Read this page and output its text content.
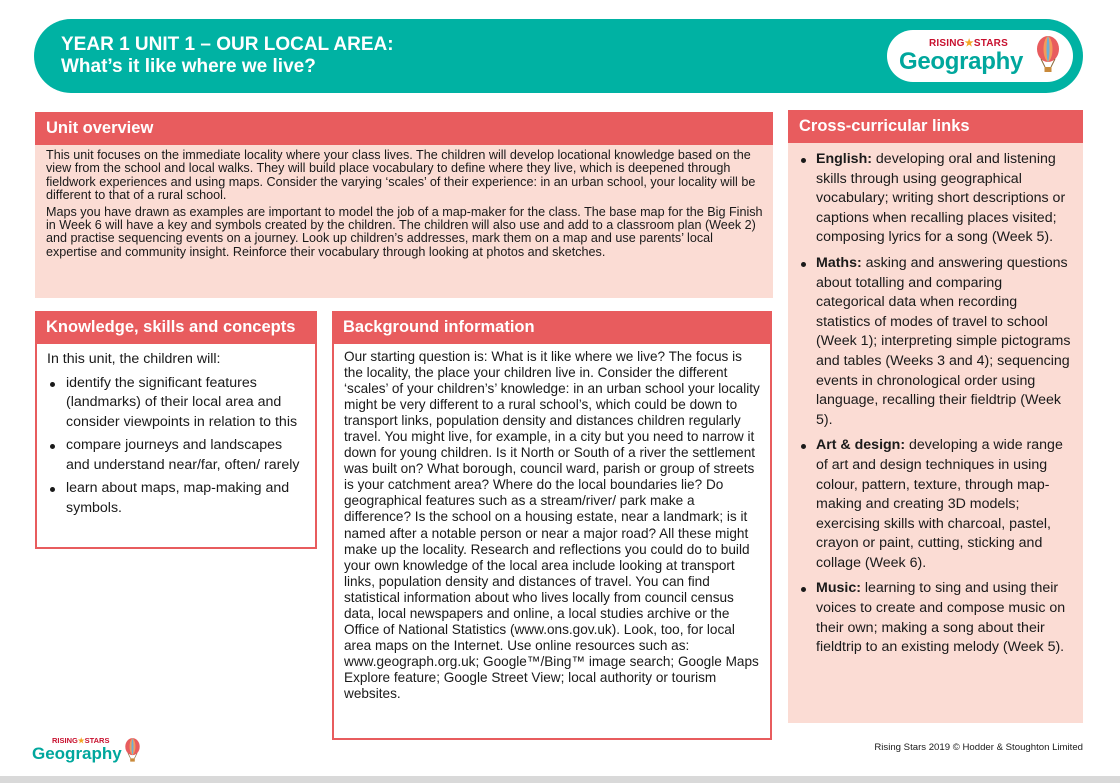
YEAR 1 UNIT 1 – OUR LOCAL AREA:
What’s it like where we live?
RISING★STARS
Geography
Unit overview

This unit focuses on the immediate locality where your class lives. The children will develop locational knowledge based on the view from the school and local walks. They will build place vocabulary to define where they live, which is deepened through fieldwork experiences and using maps. Consider the varying ‘scales’ of their experience: in an urban school, your locality will be different to that of a rural school.

Maps you have drawn as examples are important to model the job of a map-maker for the class. The base map for the Big Finish in Week 6 will have a key and symbols created by the children. The children will also use and add to a classroom plan (Week 2) and practise sequencing events on a journey. Look up children’s addresses, mark them on a map and use parents’ local expertise and community insight. Reinforce their vocabulary through looking at photos and sketches.

Knowledge, skills and concepts
In this unit, the children will:
identify the significant features (landmarks) of their local area and consider viewpoints in relation to this
compare journeys and landscapes and understand near/far, often/ rarely
learn about maps, map-making and symbols.
Background information
Our starting question is: What is it like where we live? The focus is the locality, the place your children live in. Consider the different ‘scales’ of your children’s’ knowledge: in an urban school your locality might be very different to a rural school’s, which could be down to transport links, population density and distances children regularly travel. You might live, for example, in a city but you need to narrow it down for young children. Is it North or South of a river the settlement was built on? What borough, council ward, parish or group of streets is your catchment area? Where do the local boundaries lie? Do geographical features such as a stream/river/ park make a difference? Is the school on a housing estate, near a landmark; is it named after a notable person or near a major road? All these might make up the locality. Research and reflections you could do to build your own knowledge of the local area include looking at transport links, population density and distances of travel. You can find statistical information about who lives locally from council census data, local newspapers and online, a local studies archive or the Office of National Statistics (www.ons.gov.uk). Look, too, for local area maps on the Internet. Use online resources such as: www.geograph.org.uk; Google™/Bing™ image search; Google Maps Explore feature; Google Street View; local authority or tourism websites.
Cross-curricular links
English: developing oral and listening skills through using geographical vocabulary; writing short descriptions or captions when recalling places visited; composing lyrics for a song (Week 5).
Maths: asking and answering questions about totalling and comparing categorical data when recording statistics of modes of travel to school (Week 1); interpreting simple pictograms and tables (Weeks 3 and 4); sequencing events in chronological order using language, recalling their fieldtrip (Week 5).
Art & design: developing a wide range of art and design techniques in using colour, pattern, texture, through map-making and creating 3D models; exercising skills with charcoal, pastel, crayon or paint, cutting, sticking and collage (Week 6).
Music: learning to sing and using their voices to create and compose music on their own; making a song about their fieldtrip to an existing melody (Week 5).
RISING★STARS
Geography	Rising Stars 2019 © Hodder & Stoughton Limited
